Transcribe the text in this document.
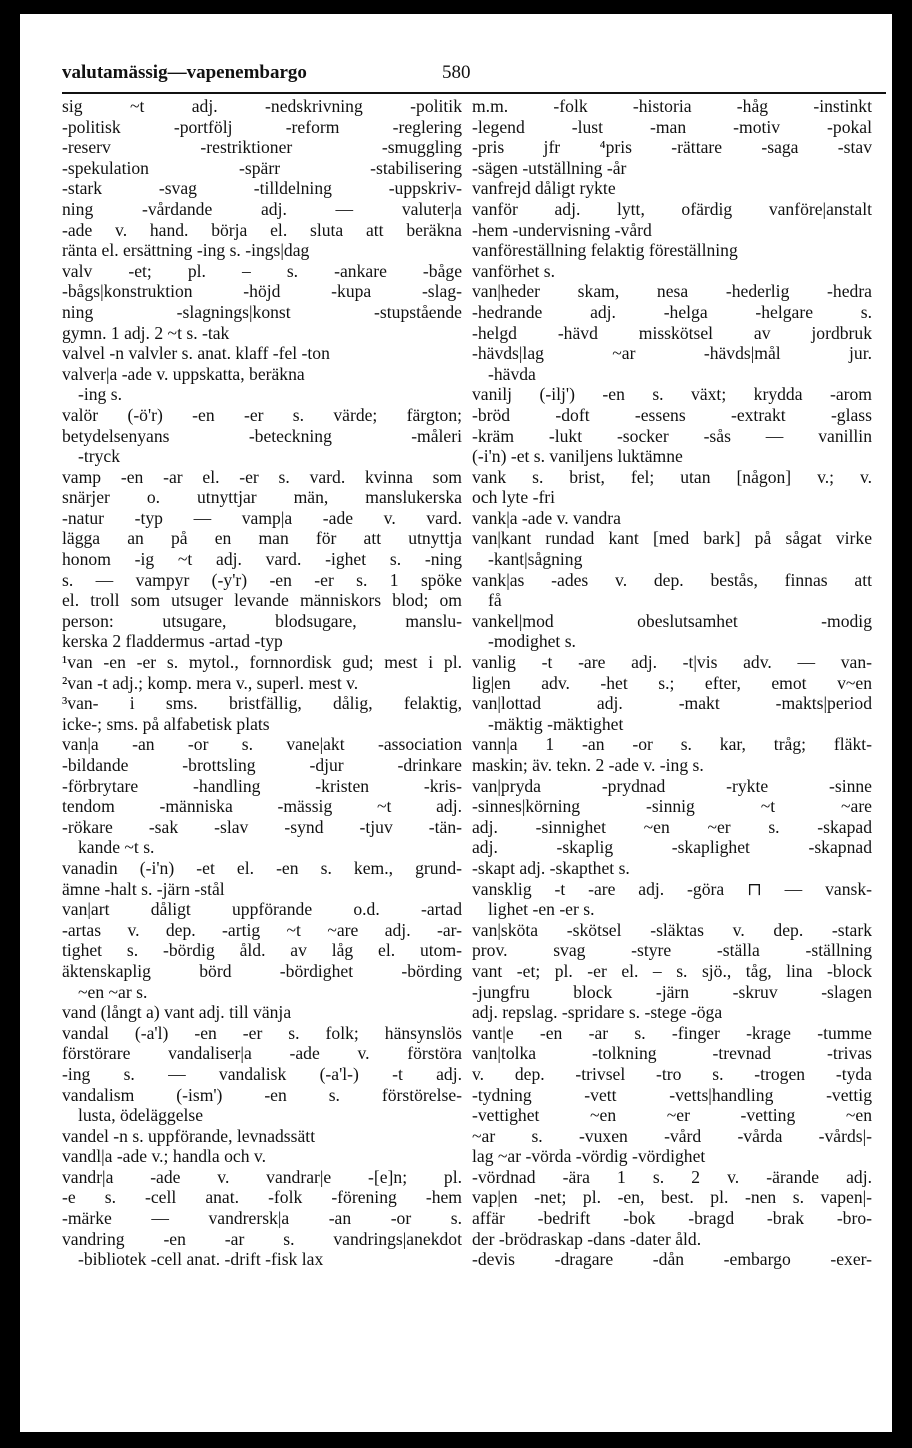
valutamässig—vapenembargo	580
sig ~t adj. -nedskrivning -politik
-politisk -portfölj -reform -reglering
-reserv -restriktioner -smuggling
-spekulation -spärr -stabilisering
-stark -svag -tilldelning -uppskriv-
ning -vårdande adj. — valuter|a
-ade v. hand. börja el. sluta att beräkna
ränta el. ersättning -ing s. -ings|dag
valv -et; pl. – s. -ankare -båge
-bågs|konstruktion -höjd -kupa -slag-
ning -slagnings|konst -stupstående
gymn. 1 adj. 2 ~t s. -tak
valvel -n valvler s. anat. klaff -fel -ton
valver|a -ade v. uppskatta, beräkna
-ing s.
valör (-ö'r) -en -er s. värde; färgton;
betydelsenyans -beteckning -måleri
-tryck
vamp -en -ar el. -er s. vard. kvinna som
snärjer o. utnyttjar män, manslukerska
-natur -typ — vamp|a -ade v. vard.
lägga an på en man för att utnyttja
honom -ig ~t adj. vard. -ighet s. -ning
s. — vampyr (-y'r) -en -er s. 1 spöke
el. troll som utsuger levande människors blod; om
person: utsugare, blodsugare, manslu-
kerska 2 fladdermus -artad -typ
¹van -en -er s. mytol., fornnordisk gud; mest i pl.
²van -t adj.; komp. mera v., superl. mest v.
³van- i sms. bristfällig, dålig, felaktig,
icke-; sms. på alfabetisk plats
van|a -an -or s. vane|akt -association
-bildande -brottsling -djur -drinkare
-förbrytare -handling -kristen -kris-
tendom -människa -mässig ~t adj.
-rökare -sak -slav -synd -tjuv -tän-
kande ~t s.
vanadin (-i'n) -et el. -en s. kem., grund-
ämne -halt s. -järn -stål
van|art dåligt uppförande o.d. -artad
-artas v. dep. -artig ~t ~are adj. -ar-
tighet s. -bördig åld. av låg el. utom-
äktenskaplig börd -bördighet -börding
~en ~ar s.
vand (långt a) vant adj. till vänja
vandal (-a'l) -en -er s. folk; hänsynslös
förstörare vandaliser|a -ade v. förstöra
-ing s. — vandalisk (-a'l-) -t adj.
vandalism (-ism') -en s. förstörelse-
lusta, ödeläggelse
vandel -n s. uppförande, levnadssätt
vandl|a -ade v.; handla och v.
vandr|a -ade v. vandrar|e -[e]n; pl.
-e s. -cell anat. -folk -förening -hem
-märke — vandrersk|a -an -or s.
vandring -en -ar s. vandrings|anekdot
-bibliotek -cell anat. -drift -fisk lax
m.m. -folk -historia -håg -instinkt
-legend -lust -man -motiv -pokal
-pris jfr ⁴pris -rättare -saga -stav
-sägen -utställning -år
vanfrejd dåligt rykte
vanför adj. lytt, ofärdig vanföre|anstalt
-hem -undervisning -vård
vanföreställning felaktig föreställning
vanförhet s.
van|heder skam, nesa -hederlig -hedra
-hedrande adj. -helga -helgare s.
-helgd -hävd misskötsel av jordbruk
-hävds|lag ~ar -hävds|mål jur.
-hävda
vanilj (-ilj') -en s. växt; krydda -arom
-bröd -doft -essens -extrakt -glass
-kräm -lukt -socker -sås — vanillin
(-i'n) -et s. vaniljens luktämne
vank s. brist, fel; utan [någon] v.; v.
och lyte -fri
vank|a -ade v. vandra
van|kant rundad kant [med bark] på sågat virke
-kant|sågning
vank|as -ades v. dep. bestås, finnas att
få
vankel|mod obeslutsamhet -modig
-modighet s.
vanlig -t -are adj. -t|vis adv. — van-
lig|en adv. -het s.; efter, emot v~en
van|lottad adj. -makt -makts|period
-mäktig -mäktighet
vann|a 1 -an -or s. kar, tråg; fläkt-
maskin; äv. tekn. 2 -ade v. -ing s.
van|pryda -prydnad -rykte -sinne
-sinnes|körning -sinnig ~t ~are
adj. -sinnighet ~en ~er s. -skapad
adj. -skaplig -skaplighet -skapnad
-skapt adj. -skapthet s.
vansklig -t -are adj. -göra ⊓ — vansk-
lighet -en -er s.
van|sköta -skötsel -släktas v. dep. -stark
prov. svag -styre -ställa -ställning
vant -et; pl. -er el. – s. sjö., tåg, lina -block
-jungfru block -järn -skruv -slagen
adj. repslag. -spridare s. -stege -öga
vant|e -en -ar s. -finger -krage -tumme
van|tolka -tolkning -trevnad -trivas
v. dep. -trivsel -tro s. -trogen -tyda
-tydning -vett -vetts|handling -vettig
-vettighet ~en ~er -vetting ~en
~ar s. -vuxen -vård -vårda -vårds|-
lag ~ar -vörda -vördig -vördighet
-vördnad -ära 1 s. 2 v. -ärande adj.
vap|en -net; pl. -en, best. pl. -nen s. vapen|-
affär -bedrift -bok -bragd -brak -bro-
der -brödraskap -dans -dater åld.
-devis -dragare -dån -embargo -exer-
